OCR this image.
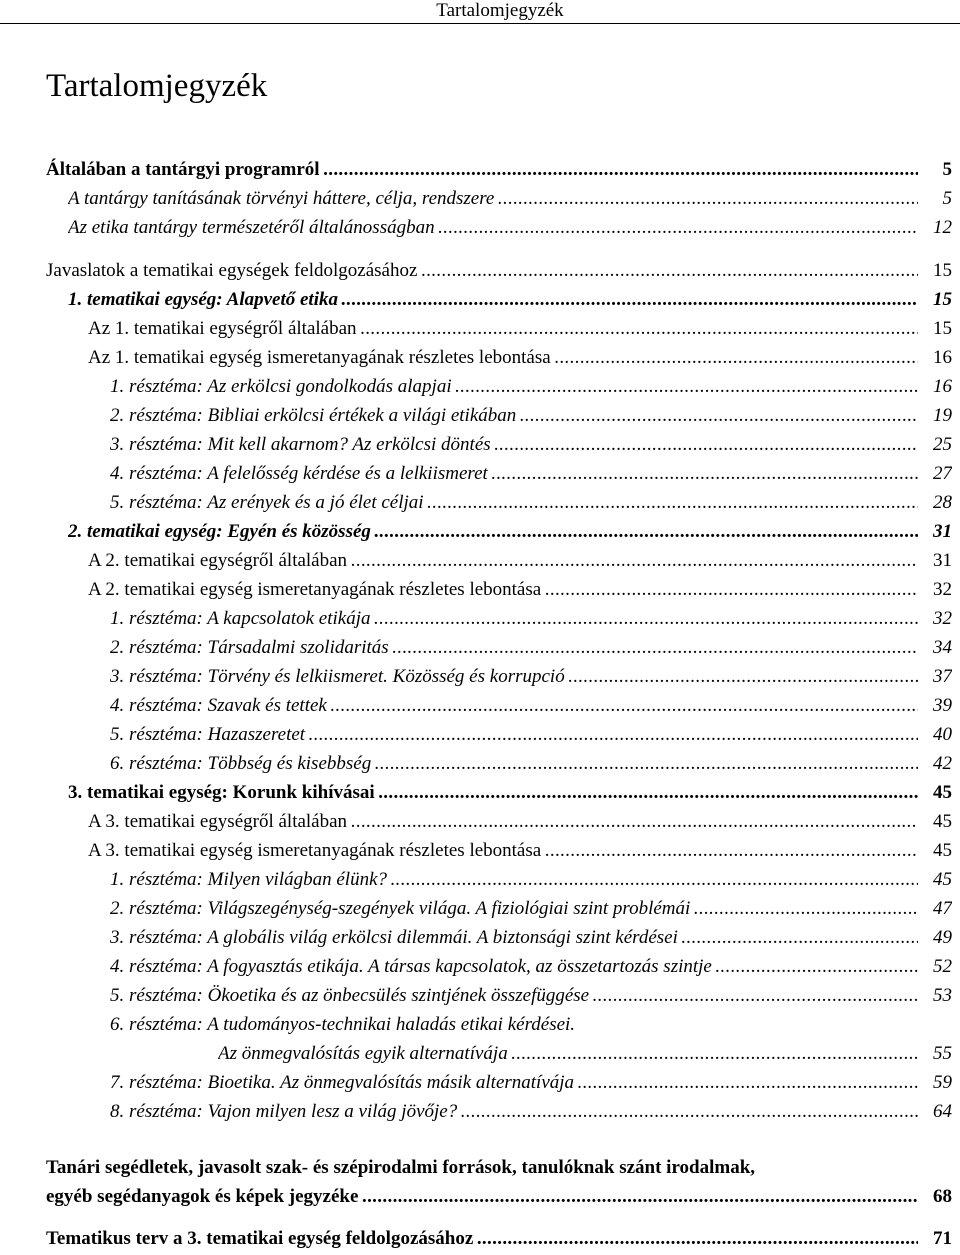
Tartalomjegyzék
Tartalomjegyzék
Általában a tantárgyi programról . . .	5
A tantárgy tanításának törvényi háttere, célja, rendszere . . .	5
Az etika tantárgy természetéről általánosságban . . .	12
Javaslatok a tematikai egységek feldolgozásához . . .	15
1. tematikai egység: Alapvető etika . . .	15
Az 1. tematikai egységről általában . . .	15
Az 1. tematikai egység ismeretanyagának részletes lebontása . . .	16
1. résztéma: Az erkölcsi gondolkodás alapjai . . .	16
2. résztéma: Bibliai erkölcsi értékek a világi etikában . . .	19
3. résztéma: Mit kell akarnom? Az erkölcsi döntés . . .	25
4. résztéma: A felelősség kérdése és a lelkiismeret . . .	27
5. résztéma: Az erények és a jó élet céljai . . .	28
2. tematikai egység: Egyén és közösség . . .	31
A 2. tematikai egységről általában . . .	31
A 2. tematikai egység ismeretanyagának részletes lebontása . . .	32
1. résztéma: A kapcsolatok etikája . . .	32
2. résztéma: Társadalmi szolidaritás . . .	34
3. résztéma: Törvény és lelkiismeret. Közösség és korrupció . . .	37
4. résztéma: Szavak és tettek . . .	39
5. résztéma: Hazaszeretet . . .	40
6. résztéma: Többség és kisebbség . . .	42
3. tematikai egység: Korunk kihívásai . . .	45
A 3. tematikai egységről általában . . .	45
A 3. tematikai egység ismeretanyagának részletes lebontása . . .	45
1. résztéma: Milyen világban élünk? . . .	45
2. résztéma: Világszegénység-szegények világa. A fiziológiai szint problémái . . .	47
3. résztéma: A globális világ erkölcsi dilemmái. A biztonsági szint kérdései . . .	49
4. résztéma: A fogyasztás etikája. A társas kapcsolatok, az összetartozás szintje . . .	52
5. résztéma: Ökoetika és az önbecsülés szintjének összefüggése . . .	53
6. résztéma: A tudományos-technikai haladás etikai kérdései.
Az önmegvalósítás egyik alternatívája . . .	55
7. résztéma: Bioetika. Az önmegvalósítás másik alternatívája . . .	59
8. résztéma: Vajon milyen lesz a világ jövője? . . .	64
Tanári segédletek, javasolt szak- és szépirodalmi források, tanulóknak szánt irodalmak,
egyéb segédanyagok és képek jegyzéke . . .	68
Tematikus terv a 3. tematikai egység feldolgozásához . . .	71
